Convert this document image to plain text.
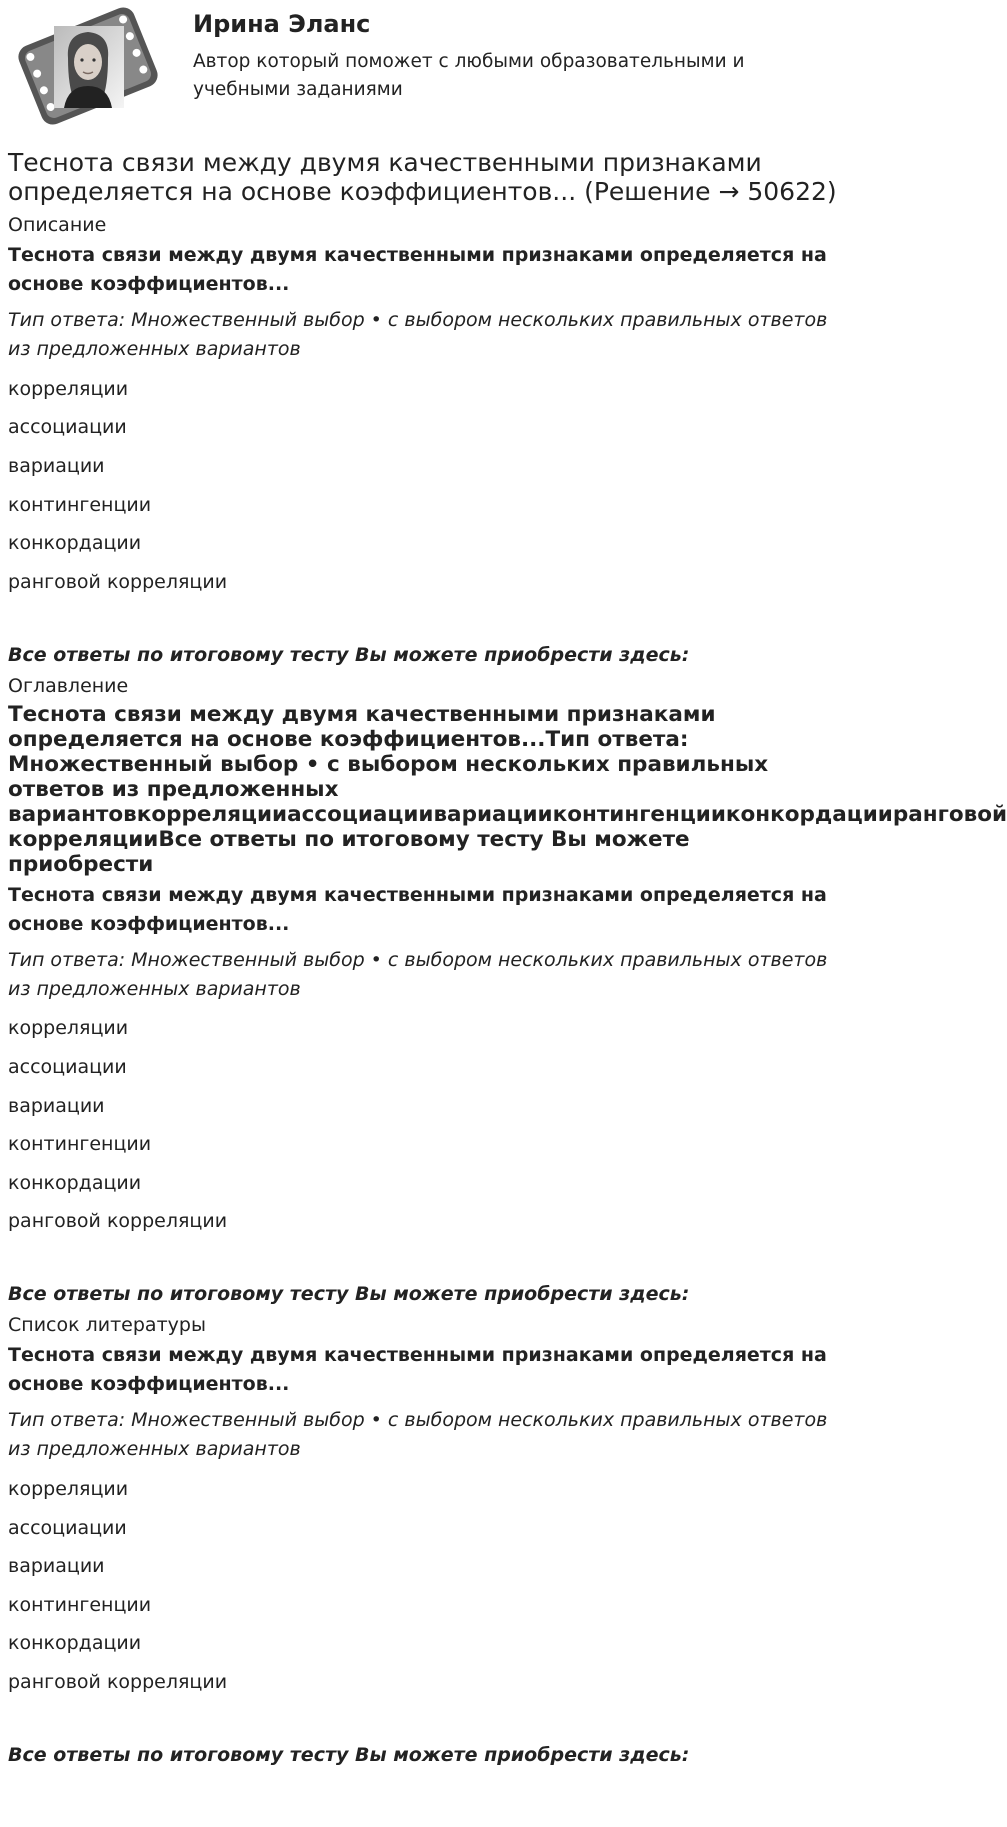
Ирина Эланс
Автор который поможет с любыми образовательными и учебными заданиями
Теснота связи между двумя качественными признаками определяется на основе коэффициентов... (Решение → 50622)
Описание
Теснота связи между двумя качественными признаками определяется на основе коэффициентов...
Тип ответа: Множественный выбор • с выбором нескольких правильных ответов из предложенных вариантов
корреляции
ассоциации
вариации
контингенции
конкордации
ранговой корреляции
Все ответы по итоговому тесту Вы можете приобрести здесь:
Оглавление
Теснота связи между двумя качественными признаками
определяется на основе коэффициентов...Тип ответа:
Множественный выбор • с выбором нескольких правильных
ответов из предложенных
вариантовкорреляцииассоциациивариацииконтингенцииконкордацииранговой
корреляцииВсе ответы по итоговому тесту Вы можете
приобрести
Теснота связи между двумя качественными признаками определяется на основе коэффициентов...
Тип ответа: Множественный выбор • с выбором нескольких правильных ответов из предложенных вариантов
корреляции
ассоциации
вариации
контингенции
конкордации
ранговой корреляции
Все ответы по итоговому тесту Вы можете приобрести здесь:
Список литературы
Теснота связи между двумя качественными признаками определяется на основе коэффициентов...
Тип ответа: Множественный выбор • с выбором нескольких правильных ответов из предложенных вариантов
корреляции
ассоциации
вариации
контингенции
конкордации
ранговой корреляции
Все ответы по итоговому тесту Вы можете приобрести здесь:
